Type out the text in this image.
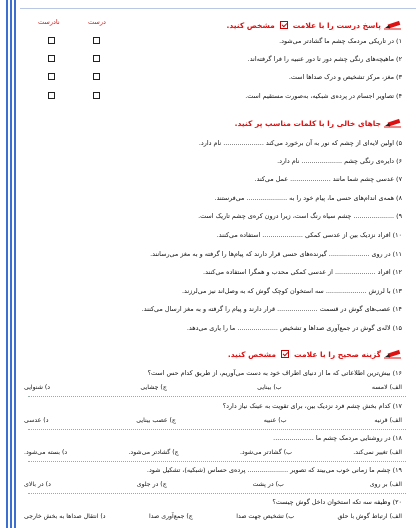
پاسخ درست را با علامت
مشخص کنید.
درست
نادرست
۱) در تاریکی مردمک چشم ما گشادتر می‌شود.
۲) ماهیچه‌های رنگی چشم دور تا دور عنبیه را فرا گرفته‌اند.
۳) مغز، مرکز تشخیص و درک صداها است.
۴) تصاویر اجسام در پرده‌ی شبکیه، به‌صورت مستقیم است.
جاهای خالی را با کلمات مناسب پر کنید.
۵) اولین لایه‌ای از چشم که نور به آن برخورد می‌کند .................... نام دارد.
۶) دایره‌ی رنگی چشم .................... نام دارد.
۷) عدسی چشم شما مانند .................... عمل می‌کند.
۸) همه‌ی اندام‌های حسی ما، پیام خود را به .................... می‌فرستند.
۹) .................... چشم سیاه رنگ است، زیرا درون کره‌ی چشم تاریک است.
۱۰) افراد نزدیک بین از عدسی کمکی .................... استفاده می‌کنند.
۱۱) در روی .................... گیرنده‌های حسی قرار دارند که پیام‌ها را گرفته و به مغز می‌رسانند.
۱۲) افراد .................... از عدسی کمکی محدب و همگرا استفاده می‌کنند.
۱۳) با لرزش .................... سه استخوان کوچک گوش که به وصل‌اند نیز می‌لرزند.
۱۴) عصب‌های گوش در قسمت .................... قرار دارند و پیام را گرفته و به مغز ارسال می‌کنند.
۱۵) لاله‌ی گوش در جمع‌آوری صداها و تشخیص .................... ما را یاری می‌دهد.
گزینه صحیح را با علامت
مشخص کنید.
۱۶) بیش‌ترین اطلاعاتی که ما از دنیای اطراف خود به دست می‌آوریم، از طریق کدام حس است؟
الف) لامسه
ب) بینایی
ج) چشایی
د) شنوایی
۱۷) کدام بخش چشم فرد نزدیک بین، برای تقویت به عینک نیاز دارد؟
الف) قرنیه
ب) عنبیه
ج) عصب بینایی
د) عدسی
۱۸) در روشنایی مردمک چشم ما ....................
الف) تغییر نمی‌کند.
ب) گشادتر می‌شود.
ج) گشادتر می‌شود.
د) بسته می‌شود.
۱۹) چشم ما زمانی خوب می‌بیند که تصویر .................... پرده‌ی حساس (شبکیه)، تشکیل شود.
الف) بر روی
ب) در پشت
ج) در جلوی
د) در بالای
۲۰) وظیفه سه تکه استخوان داخل گوش چیست؟
الف) ارتباط گوش با حلق
ب) تشخیص جهت صدا
ج) جمع‌آوری صدا
د) انتقال صداها به بخش خارجی
